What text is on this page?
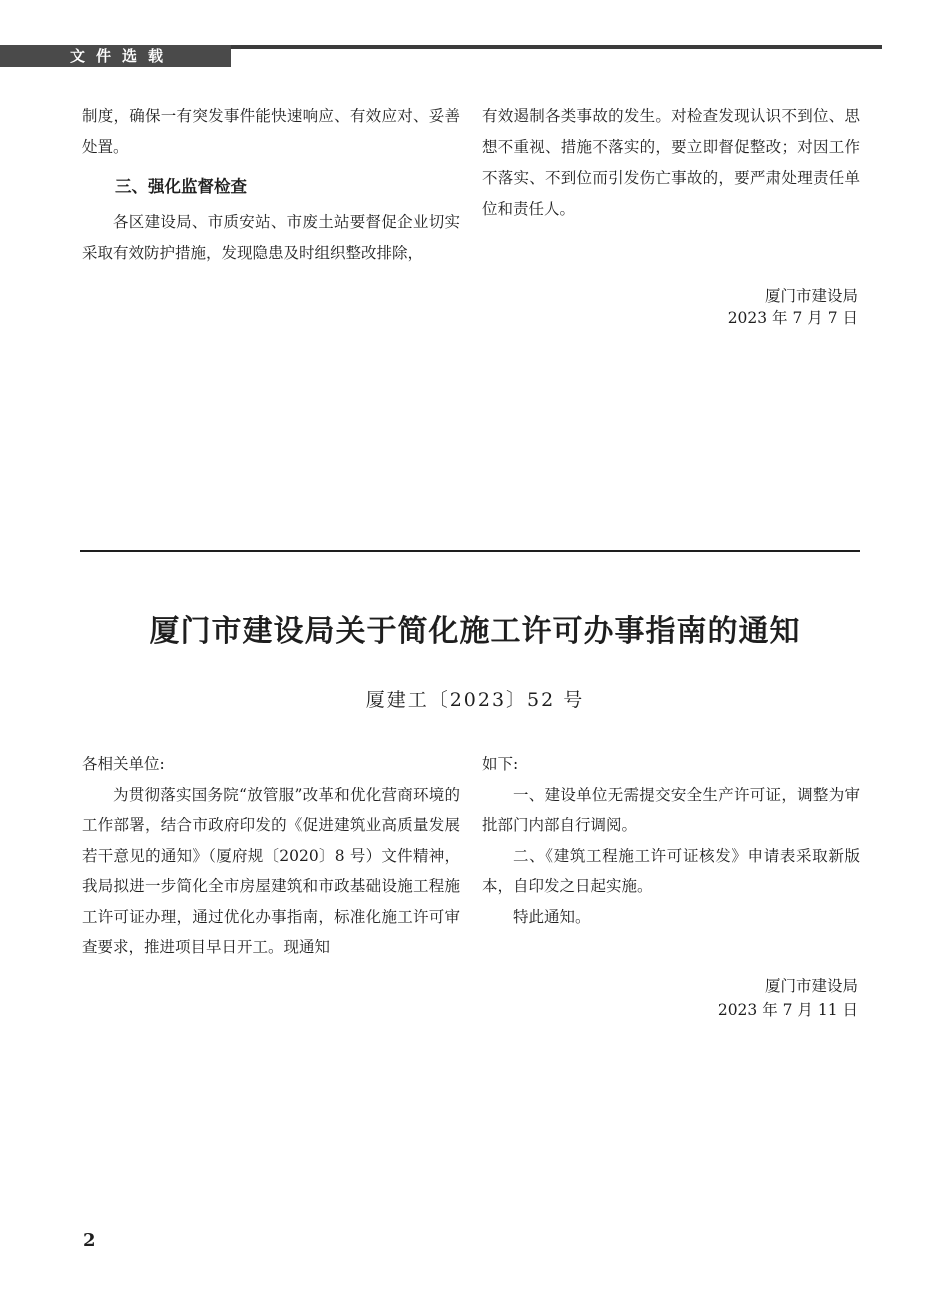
文件选载

制度，确保一有突发事件能快速响应、有效应对、妥善处置。

三、强化监督检查

各区建设局、市质安站、市废土站要督促企业切实采取有效防护措施，发现隐患及时组织整改排除，

有效遏制各类事故的发生。对检查发现认识不到位、思想不重视、措施不落实的，要立即督促整改；对因工作不落实、不到位而引发伤亡事故的，要严肃处理责任单位和责任人。

厦门市建设局
2023 年 7 月 7 日
厦门市建设局关于简化施工许可办事指南的通知
厦建工〔2023〕52 号

各相关单位:

为贯彻落实国务院“放管服”改革和优化营商环境的工作部署，结合市政府印发的《促进建筑业高质量发展若干意见的通知》（厦府规〔2020〕8 号）文件精神，我局拟进一步简化全市房屋建筑和市政基础设施工程施工许可证办理，通过优化办事指南，标准化施工许可审查要求，推进项目早日开工。现通知

如下:

一、建设单位无需提交安全生产许可证，调整为审批部门内部自行调阅。

二、《建筑工程施工许可证核发》申请表采取新版本，自印发之日起实施。

特此通知。

厦门市建设局
2023 年 7 月 11 日
2
